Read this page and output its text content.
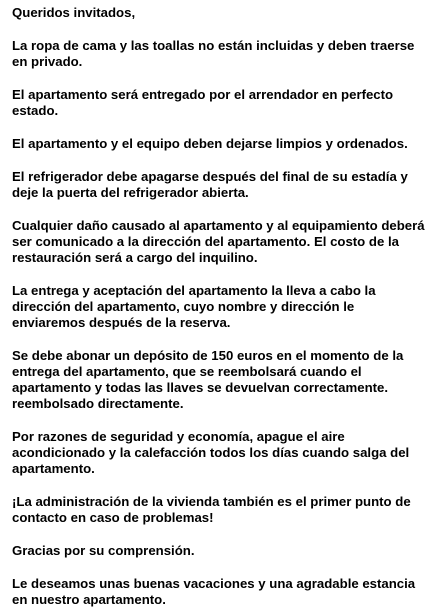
Queridos invitados,

La ropa de cama y las toallas no están incluidas y deben traerse en privado.

El apartamento será entregado por el arrendador en perfecto estado.

El apartamento y el equipo deben dejarse limpios y ordenados.

El refrigerador debe apagarse después del final de su estadía y deje la puerta del refrigerador abierta.

Cualquier daño causado al apartamento y al equipamiento deberá ser comunicado a la dirección del apartamento. El costo de la restauración será a cargo del inquilino.

La entrega y aceptación del apartamento la lleva a cabo la dirección del apartamento, cuyo nombre y dirección le enviaremos después de la reserva.

Se debe abonar un depósito de 150 euros en el momento de la entrega del apartamento, que se reembolsará cuando el apartamento y todas las llaves se devuelvan correctamente. reembolsado directamente.

Por razones de seguridad y economía, apague el aire acondicionado y la calefacción todos los días cuando salga del apartamento.

¡La administración de la vivienda también es el primer punto de contacto en caso de problemas!

Gracias por su comprensión.

Le deseamos unas buenas vacaciones y una agradable estancia en nuestro apartamento.
